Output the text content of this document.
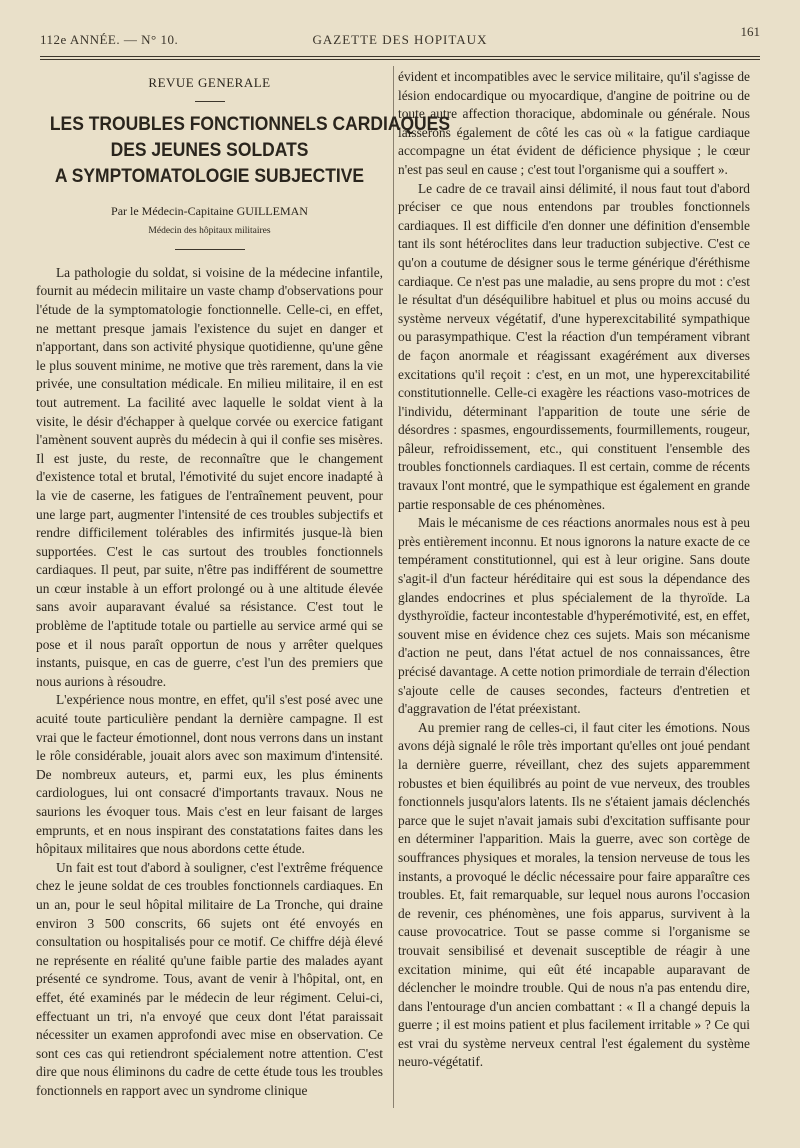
112e ANNÉE. — N° 10.	GAZETTE DES HOPITAUX
161
REVUE GENERALE
LES TROUBLES FONCTIONNELS CARDIAQUES
DES JEUNES SOLDATS
A SYMPTOMATOLOGIE SUBJECTIVE
Par le Médecin-Capitaine GUILLEMAN
Médecin des hôpitaux militaires

La pathologie du soldat, si voisine de la médecine infantile, fournit au médecin militaire un vaste champ d'observations pour l'étude de la symptomatologie fonctionnelle. Celle-ci, en effet, ne mettant presque jamais l'existence du sujet en danger et n'apportant, dans son activité physique quotidienne, qu'une gêne le plus souvent minime, ne motive que très rarement, dans la vie privée, une consultation médicale. En milieu militaire, il en est tout autrement. La facilité avec laquelle le soldat vient à la visite, le désir d'échapper à quelque corvée ou exercice fatigant l'amènent souvent auprès du médecin à qui il confie ses misères. Il est juste, du reste, de reconnaître que le changement d'existence total et brutal, l'émotivité du sujet encore inadapté à la vie de caserne, les fatigues de l'entraînement peuvent, pour une large part, augmenter l'intensité de ces troubles subjectifs et rendre difficilement tolérables des infirmités jusque-là bien supportées. C'est le cas surtout des troubles fonctionnels cardiaques. Il peut, par suite, n'être pas indifférent de soumettre un cœur instable à un effort prolongé ou à une altitude élevée sans avoir auparavant évalué sa résistance. C'est tout le problème de l'aptitude totale ou partielle au service armé qui se pose et il nous paraît opportun de nous y arrêter quelques instants, puisque, en cas de guerre, c'est l'un des premiers que nous aurions à résoudre.

L'expérience nous montre, en effet, qu'il s'est posé avec une acuité toute particulière pendant la dernière campagne. Il est vrai que le facteur émotionnel, dont nous verrons dans un instant le rôle considérable, jouait alors avec son maximum d'intensité. De nombreux auteurs, et, parmi eux, les plus éminents cardiologues, lui ont consacré d'importants travaux. Nous ne saurions les évoquer tous. Mais c'est en leur faisant de larges emprunts, et en nous inspirant des constatations faites dans les hôpitaux militaires que nous abordons cette étude.

Un fait est tout d'abord à souligner, c'est l'extrême fréquence chez le jeune soldat de ces troubles fonctionnels cardiaques. En un an, pour le seul hôpital militaire de La Tronche, qui draine environ 3 500 conscrits, 66 sujets ont été envoyés en consultation ou hospitalisés pour ce motif. Ce chiffre déjà élevé ne représente en réalité qu'une faible partie des malades ayant présenté ce syndrome. Tous, avant de venir à l'hôpital, ont, en effet, été examinés par le médecin de leur régiment. Celui-ci, effectuant un tri, n'a envoyé que ceux dont l'état paraissait nécessiter un examen approfondi avec mise en observation. Ce sont ces cas qui retiendront spécialement notre attention. C'est dire que nous éliminons du cadre de cette étude tous les troubles fonctionnels en rapport avec un syndrome clinique

évident et incompatibles avec le service militaire, qu'il s'agisse de lésion endocardique ou myocardique, d'angine de poitrine ou de toute autre affection thoracique, abdominale ou générale. Nous laisserons également de côté les cas où « la fatigue cardiaque accompagne un état évident de déficience physique ; le cœur n'est pas seul en cause ; c'est tout l'organisme qui a souffert ».

Le cadre de ce travail ainsi délimité, il nous faut tout d'abord préciser ce que nous entendons par troubles fonctionnels cardiaques. Il est difficile d'en donner une définition d'ensemble tant ils sont hétéroclites dans leur traduction subjective. C'est ce qu'on a coutume de désigner sous le terme générique d'éréthisme cardiaque. Ce n'est pas une maladie, au sens propre du mot : c'est le résultat d'un déséquilibre habituel et plus ou moins accusé du système nerveux végétatif, d'une hyperexcitabilité sympathique ou parasympathique. C'est la réaction d'un tempérament vibrant de façon anormale et réagissant exagérément aux diverses excitations qu'il reçoit : c'est, en un mot, une hyperexcitabilité constitutionnelle. Celle-ci exagère les réactions vaso-motrices de l'individu, déterminant l'apparition de toute une série de désordres : spasmes, engourdissements, fourmillements, rougeur, pâleur, refroidissement, etc., qui constituent l'ensemble des troubles fonctionnels cardiaques. Il est certain, comme de récents travaux l'ont montré, que le sympathique est également en grande partie responsable de ces phénomènes.

Mais le mécanisme de ces réactions anormales nous est à peu près entièrement inconnu. Et nous ignorons la nature exacte de ce tempérament constitutionnel, qui est à leur origine. Sans doute s'agit-il d'un facteur héréditaire qui est sous la dépendance des glandes endocrines et plus spécialement de la thyroïde. La dysthyroïdie, facteur incontestable d'hyperémotivité, est, en effet, souvent mise en évidence chez ces sujets. Mais son mécanisme d'action ne peut, dans l'état actuel de nos connaissances, être précisé davantage. A cette notion primordiale de terrain d'élection s'ajoute celle de causes secondes, facteurs d'entretien et d'aggravation de l'état préexistant.

Au premier rang de celles-ci, il faut citer les émotions. Nous avons déjà signalé le rôle très important qu'elles ont joué pendant la dernière guerre, réveillant, chez des sujets apparemment robustes et bien équilibrés au point de vue nerveux, des troubles fonctionnels jusqu'alors latents. Ils ne s'étaient jamais déclenchés parce que le sujet n'avait jamais subi d'excitation suffisante pour en déterminer l'apparition. Mais la guerre, avec son cortège de souffrances physiques et morales, la tension nerveuse de tous les instants, a provoqué le déclic nécessaire pour faire apparaître ces troubles. Et, fait remarquable, sur lequel nous aurons l'occasion de revenir, ces phénomènes, une fois apparus, survivent à la cause provocatrice. Tout se passe comme si l'organisme se trouvait sensibilisé et devenait susceptible de réagir à une excitation minime, qui eût été incapable auparavant de déclencher le moindre trouble. Qui de nous n'a pas entendu dire, dans l'entourage d'un ancien combattant : « Il a changé depuis la guerre ; il est moins patient et plus facilement irritable » ? Ce qui est vrai du système nerveux central l'est également du système neuro-végétatif.
